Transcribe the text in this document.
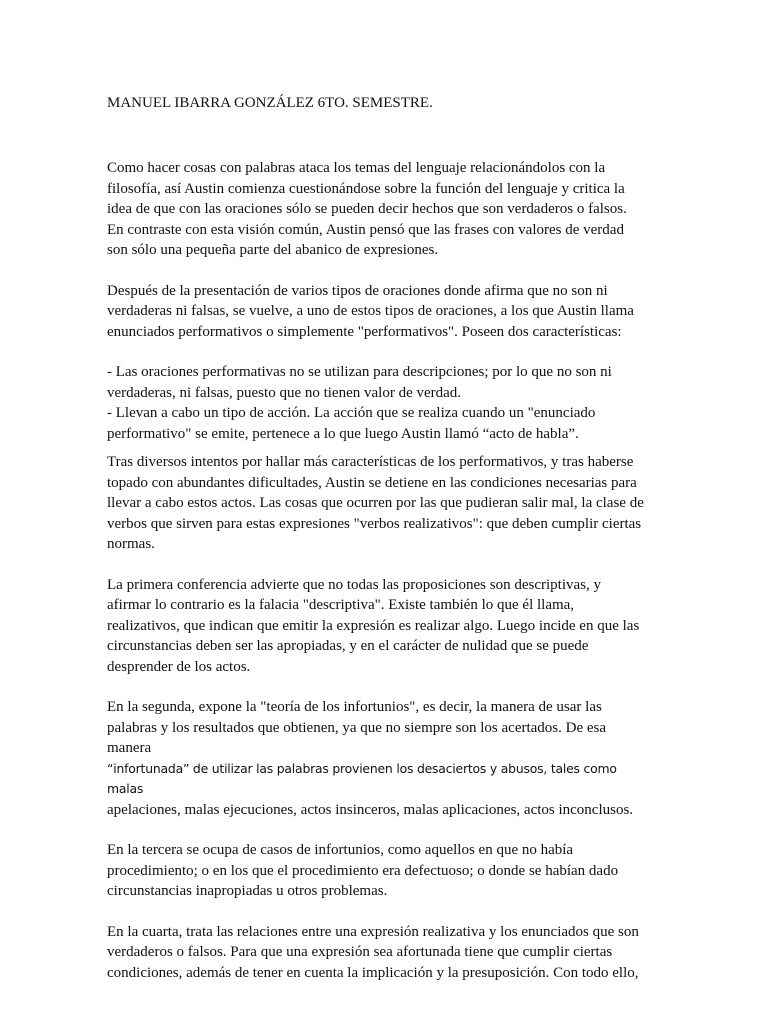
MANUEL IBARRA GONZÁLEZ 6TO. SEMESTRE.

Como hacer cosas con palabras ataca los temas del lenguaje relacionándolos con la filosofía, así Austin comienza cuestionándose sobre la función del lenguaje y critica la idea de que con las oraciones sólo se pueden decir hechos que son verdaderos o falsos. En contraste con esta visión común, Austin pensó que las frases con valores de verdad son sólo una pequeña parte del abanico de expresiones.

Después de la presentación de varios tipos de oraciones donde afirma que no son ni verdaderas ni falsas, se vuelve, a uno de estos tipos de oraciones, a los que Austin llama enunciados performativos o simplemente "performativos". Poseen dos características:

- Las oraciones performativas no se utilizan para descripciones; por lo que no son ni verdaderas, ni falsas, puesto que no tienen valor de verdad.

- Llevan a cabo un tipo de acción. La acción que se realiza cuando un "enunciado performativo" se emite, pertenece a lo que luego Austin llamó “acto de habla”.

Tras diversos intentos por hallar más características de los performativos, y tras haberse topado con abundantes dificultades, Austin se detiene en las condiciones necesarias para llevar a cabo estos actos. Las cosas que ocurren por las que pudieran salir mal, la clase de verbos que sirven para estas expresiones "verbos realizativos": que deben cumplir ciertas normas.

La primera conferencia advierte que no todas las proposiciones son descriptivas, y afirmar lo contrario es la falacia "descriptiva". Existe también lo que él llama, realizativos, que indican que emitir la expresión es realizar algo. Luego incide en que las circunstancias deben ser las apropiadas, y en el carácter de nulidad que se puede desprender de los actos.

En la segunda, expone la "teoría de los infortunios", es decir, la manera de usar las palabras y los resultados que obtienen, ya que no siempre son los acertados. De esa manera

“infortunada” de utilizar las palabras provienen los desaciertos y abusos, tales como malas

apelaciones, malas ejecuciones, actos insinceros, malas aplicaciones, actos inconclusos.

En la tercera se ocupa de casos de infortunios, como aquellos en que no había procedimiento; o en los que el procedimiento era defectuoso; o donde se habían dado circunstancias inapropiadas u otros problemas.

En la cuarta, trata las relaciones entre una expresión realizativa y los enunciados que son verdaderos o falsos. Para que una expresión sea afortunada tiene que cumplir ciertas condiciones, además de tener en cuenta la implicación y la presuposición. Con todo ello,
